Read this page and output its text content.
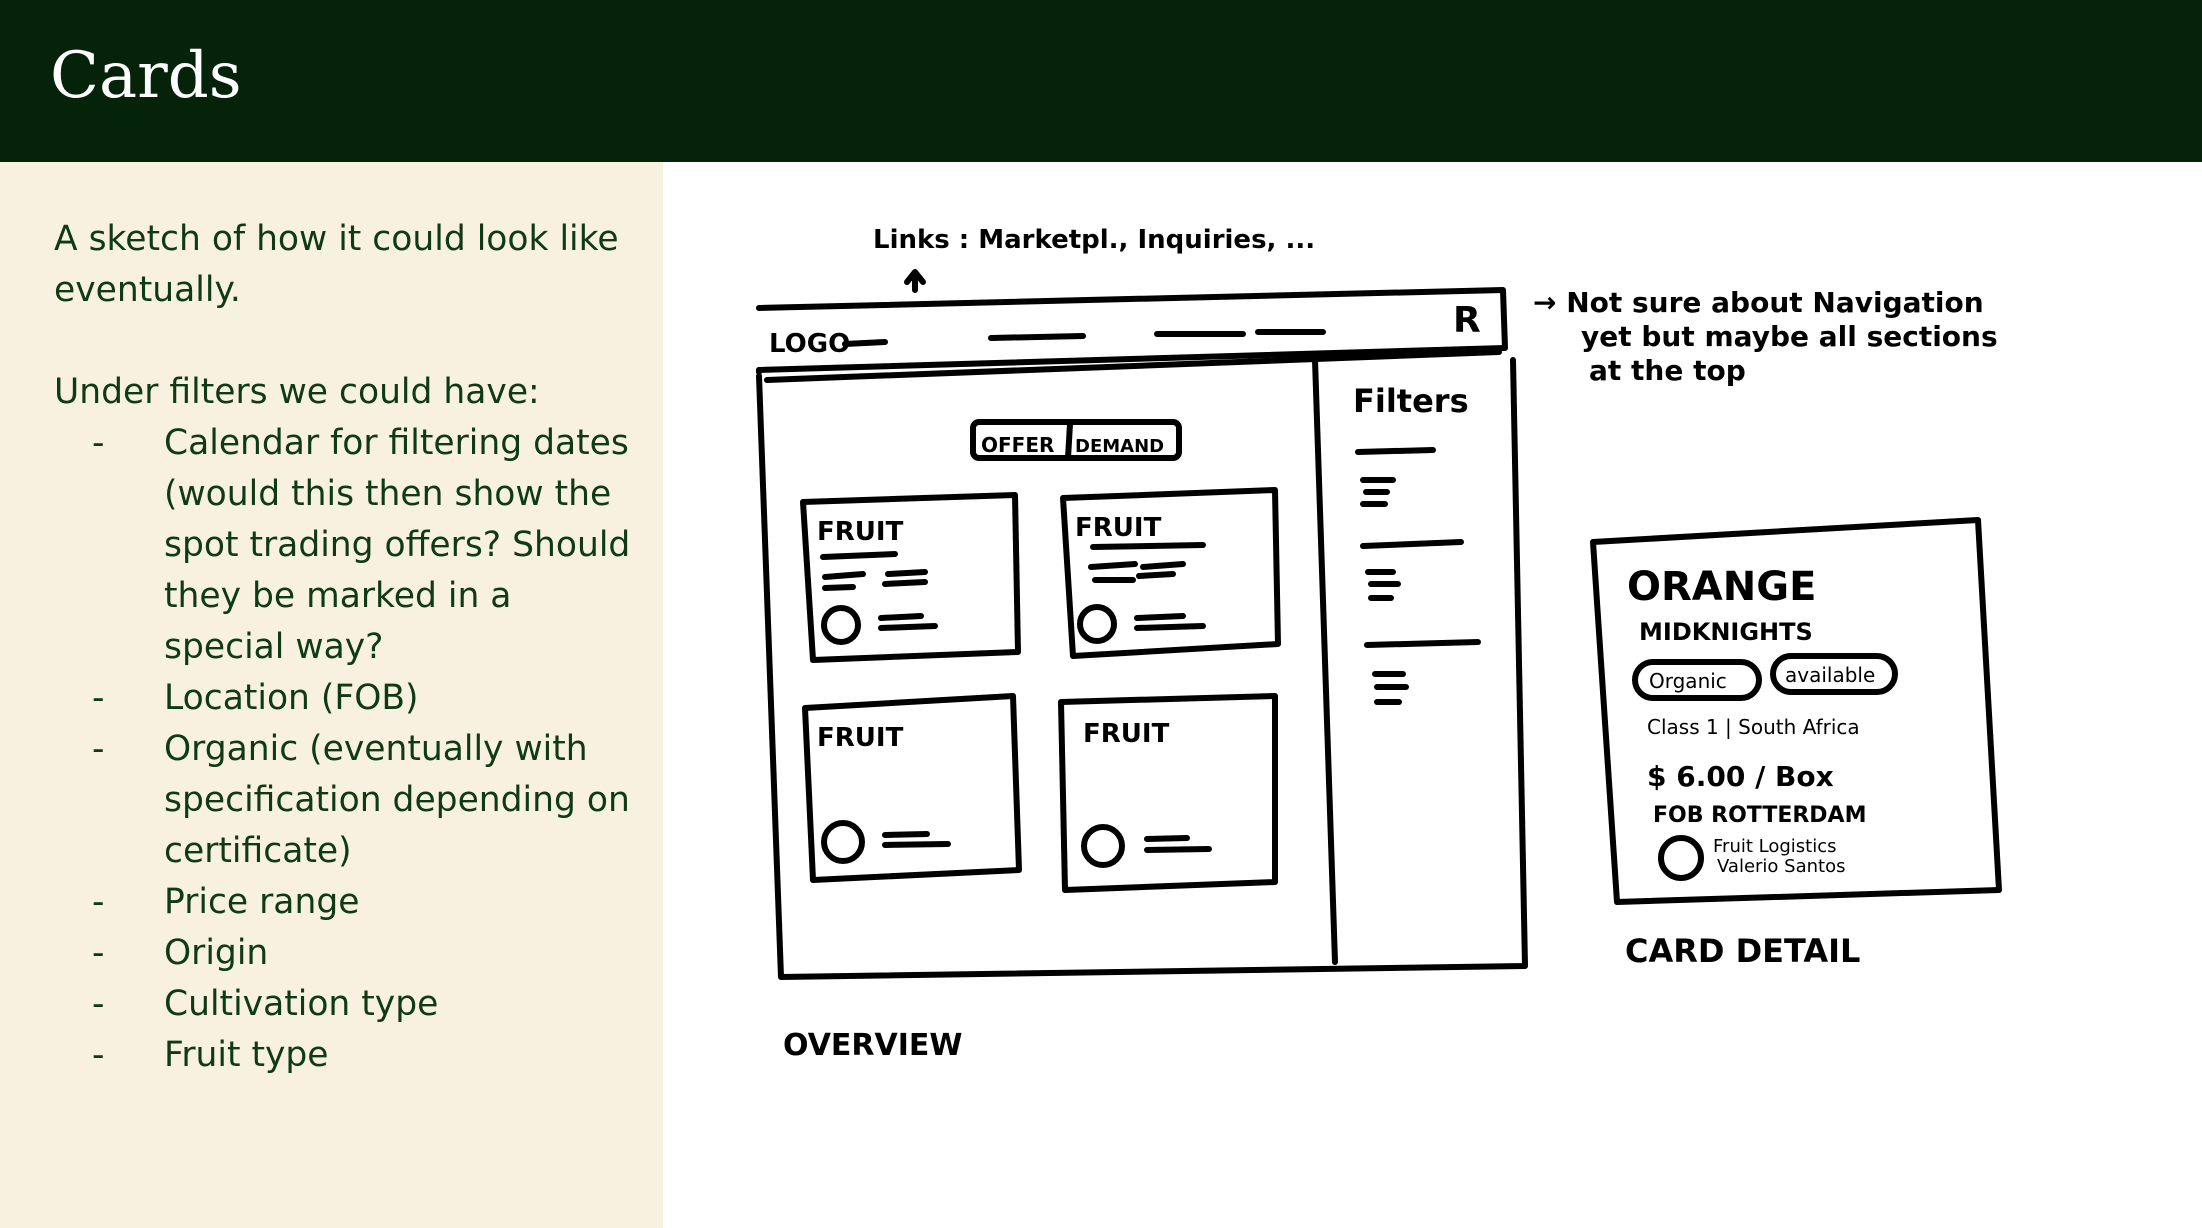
Cards

A sketch of how it could look like eventually.

Under filters we could have:

-	Calendar for filtering dates (would this then show the spot trading offers? Should they be marked in a special way?
-	Location (FOB)
-	Organic (eventually with specification depending on certificate)
-	Price range
-	Origin
-	Cultivation type
-	Fruit type
Links : Marketpl., Inquiries, ...
LOGO
R → Not sure about Navigation
yet but maybe all sections
at the top
Filters
OFFER DEMAND
FRUIT	FRUIT
FRUIT	FRUIT
OVERVIEW
ORANGE
MIDKNIGHTS
Organic	available
Class 1 | South Africa
$ 6.00 / Box
FOB ROTTERDAM
Fruit Logistics
Valerio Santos
CARD DETAIL
